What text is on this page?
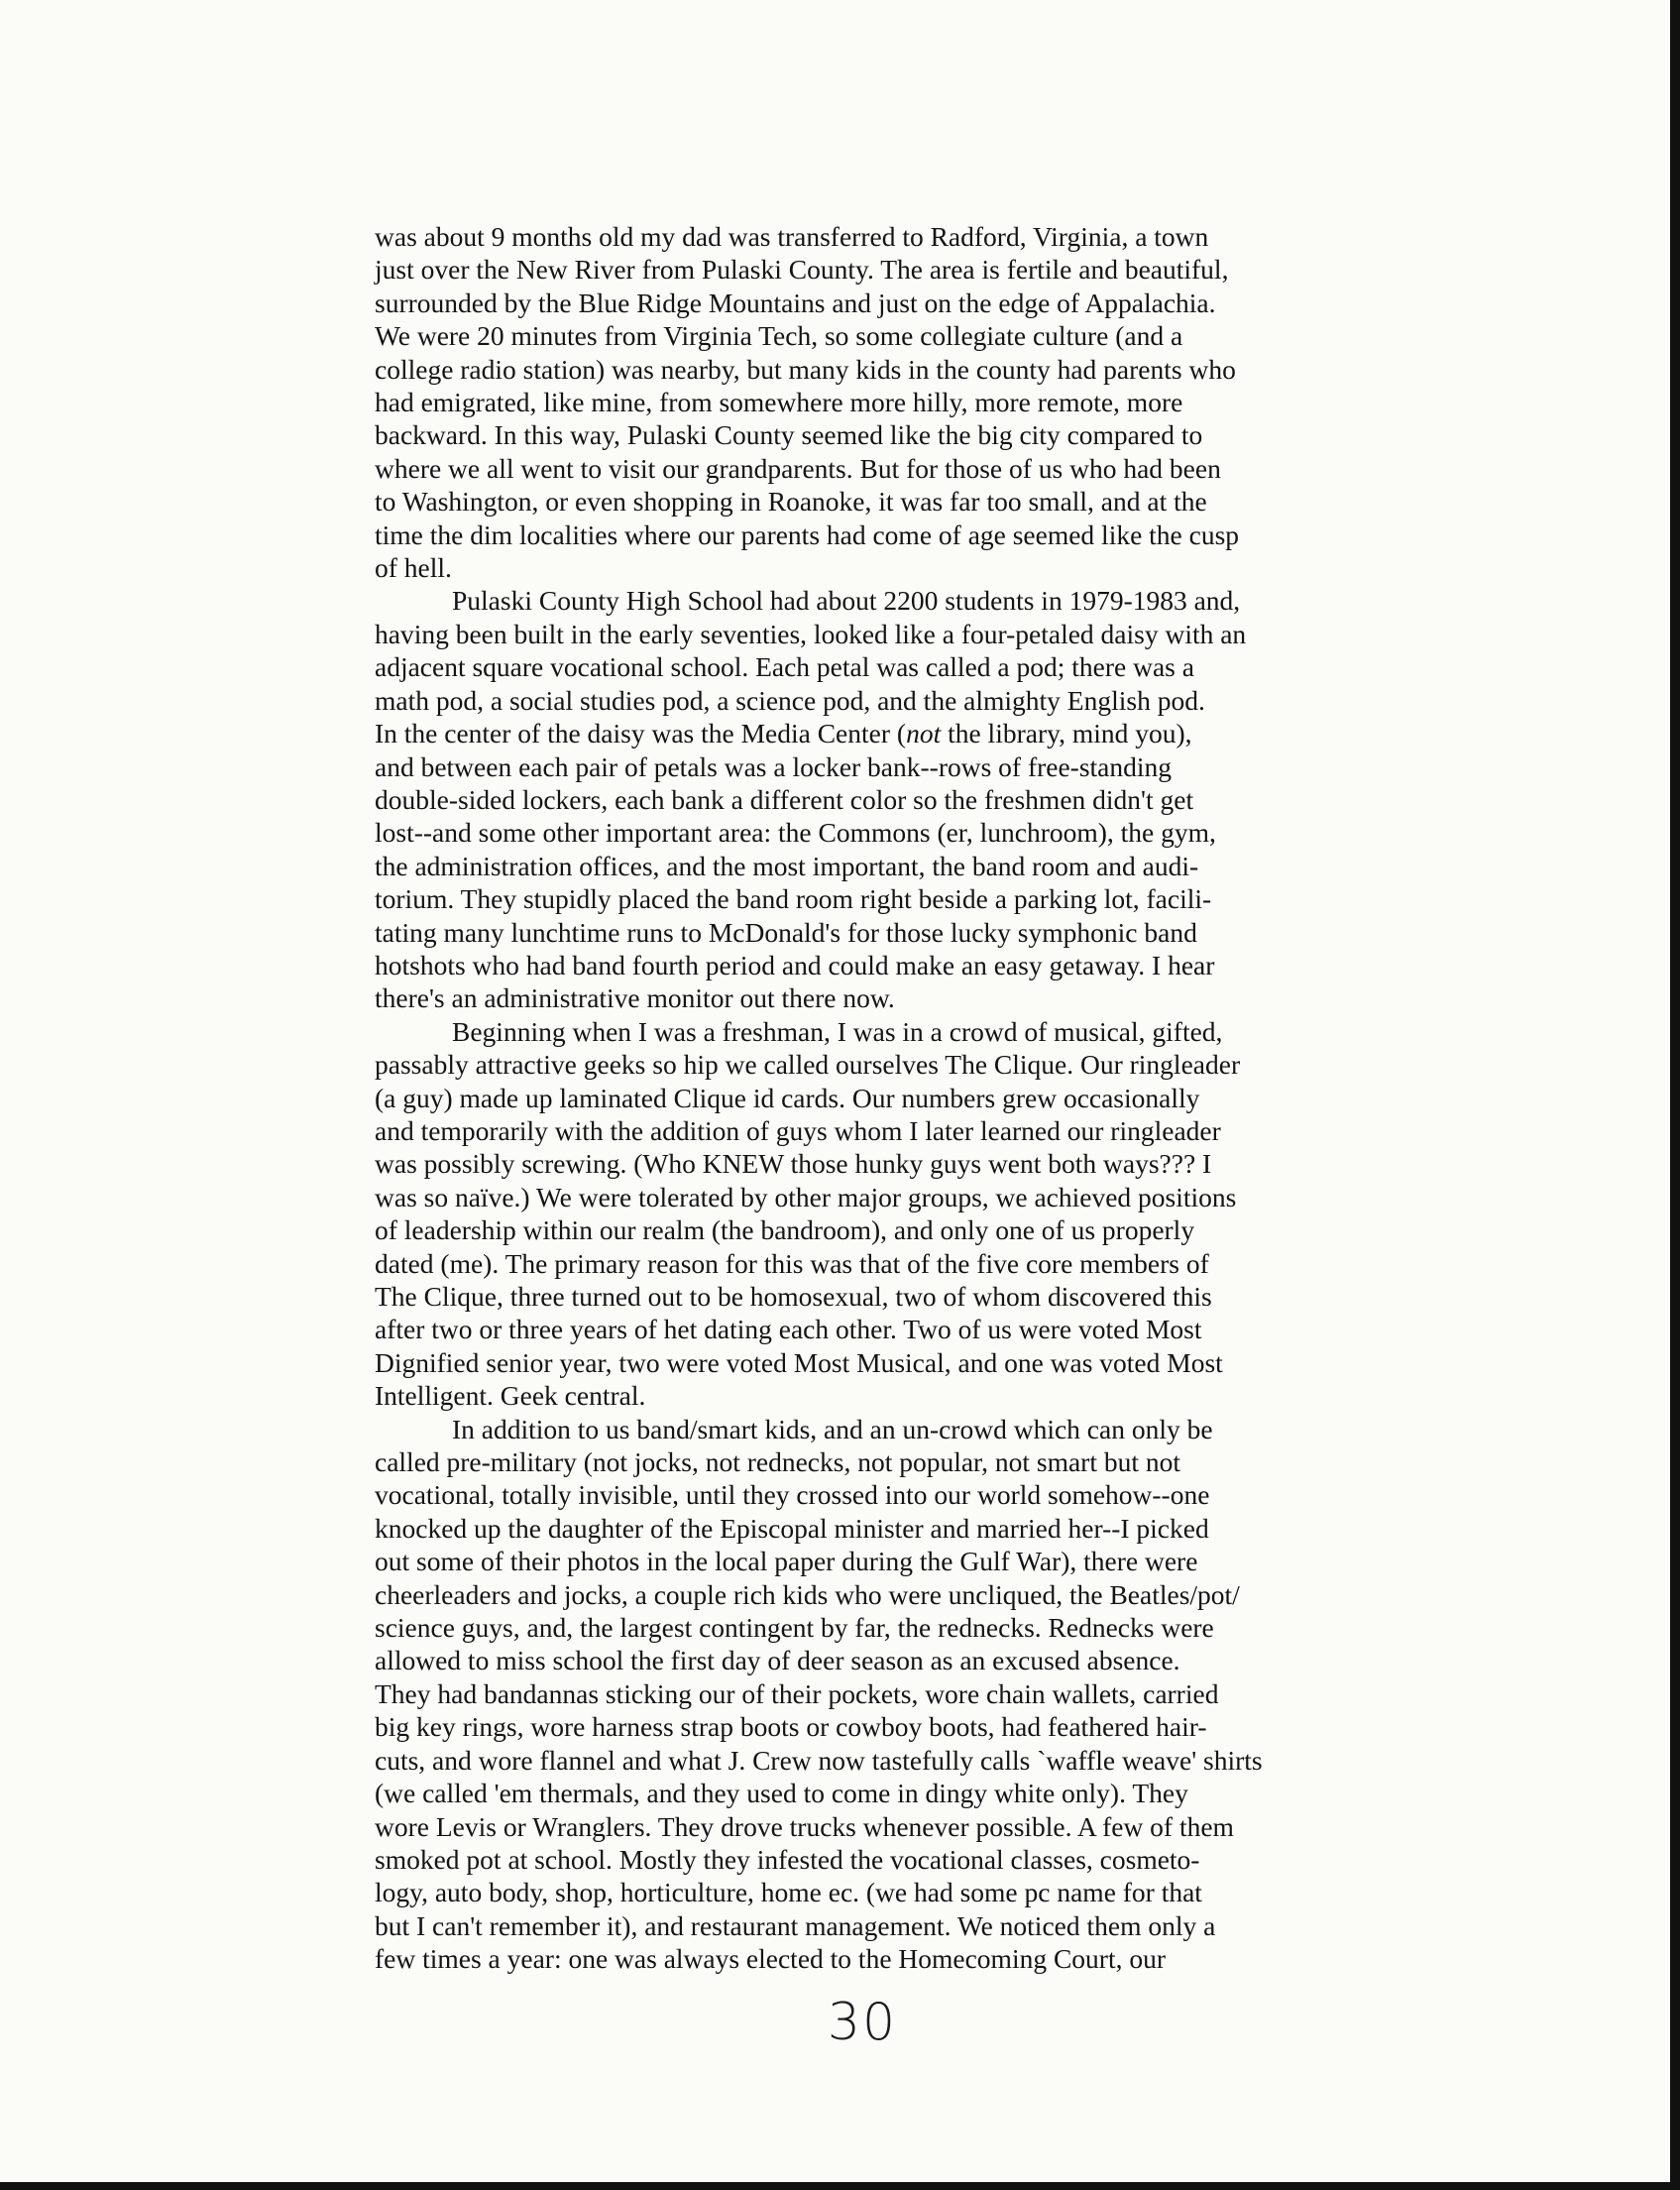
was about 9 months old my dad was transferred to Radford, Virginia, a town
just over the New River from Pulaski County. The area is fertile and beautiful,
surrounded by the Blue Ridge Mountains and just on the edge of Appalachia.
We were 20 minutes from Virginia Tech, so some collegiate culture (and a
college radio station) was nearby, but many kids in the county had parents who
had emigrated, like mine, from somewhere more hilly, more remote, more
backward. In this way, Pulaski County seemed like the big city compared to
where we all went to visit our grandparents. But for those of us who had been
to Washington, or even shopping in Roanoke, it was far too small, and at the
time the dim localities where our parents had come of age seemed like the cusp
of hell.

Pulaski County High School had about 2200 students in 1979-1983 and,
having been built in the early seventies, looked like a four-petaled daisy with an
adjacent square vocational school. Each petal was called a pod; there was a
math pod, a social studies pod, a science pod, and the almighty English pod.
In the center of the daisy was the Media Center (not the library, mind you),
and between each pair of petals was a locker bank--rows of free-standing
double-sided lockers, each bank a different color so the freshmen didn't get
lost--and some other important area: the Commons (er, lunchroom), the gym,
the administration offices, and the most important, the band room and audi-
torium. They stupidly placed the band room right beside a parking lot, facili-
tating many lunchtime runs to McDonald's for those lucky symphonic band
hotshots who had band fourth period and could make an easy getaway. I hear
there's an administrative monitor out there now.

Beginning when I was a freshman, I was in a crowd of musical, gifted,
passably attractive geeks so hip we called ourselves The Clique. Our ringleader
(a guy) made up laminated Clique id cards. Our numbers grew occasionally
and temporarily with the addition of guys whom I later learned our ringleader
was possibly screwing. (Who KNEW those hunky guys went both ways??? I
was so naïve.) We were tolerated by other major groups, we achieved positions
of leadership within our realm (the bandroom), and only one of us properly
dated (me). The primary reason for this was that of the five core members of
The Clique, three turned out to be homosexual, two of whom discovered this
after two or three years of het dating each other. Two of us were voted Most
Dignified senior year, two were voted Most Musical, and one was voted Most
Intelligent. Geek central.

In addition to us band/smart kids, and an un-crowd which can only be
called pre-military (not jocks, not rednecks, not popular, not smart but not
vocational, totally invisible, until they crossed into our world somehow--one
knocked up the daughter of the Episcopal minister and married her--I picked
out some of their photos in the local paper during the Gulf War), there were
cheerleaders and jocks, a couple rich kids who were uncliqued, the Beatles/pot/
science guys, and, the largest contingent by far, the rednecks. Rednecks were
allowed to miss school the first day of deer season as an excused absence.
They had bandannas sticking our of their pockets, wore chain wallets, carried
big key rings, wore harness strap boots or cowboy boots, had feathered hair-
cuts, and wore flannel and what J. Crew now tastefully calls `waffle weave' shirts
(we called 'em thermals, and they used to come in dingy white only). They
wore Levis or Wranglers. They drove trucks whenever possible. A few of them
smoked pot at school. Mostly they infested the vocational classes, cosmeto-
logy, auto body, shop, horticulture, home ec. (we had some pc name for that
but I can't remember it), and restaurant management. We noticed them only a
few times a year: one was always elected to the Homecoming Court, our

30
